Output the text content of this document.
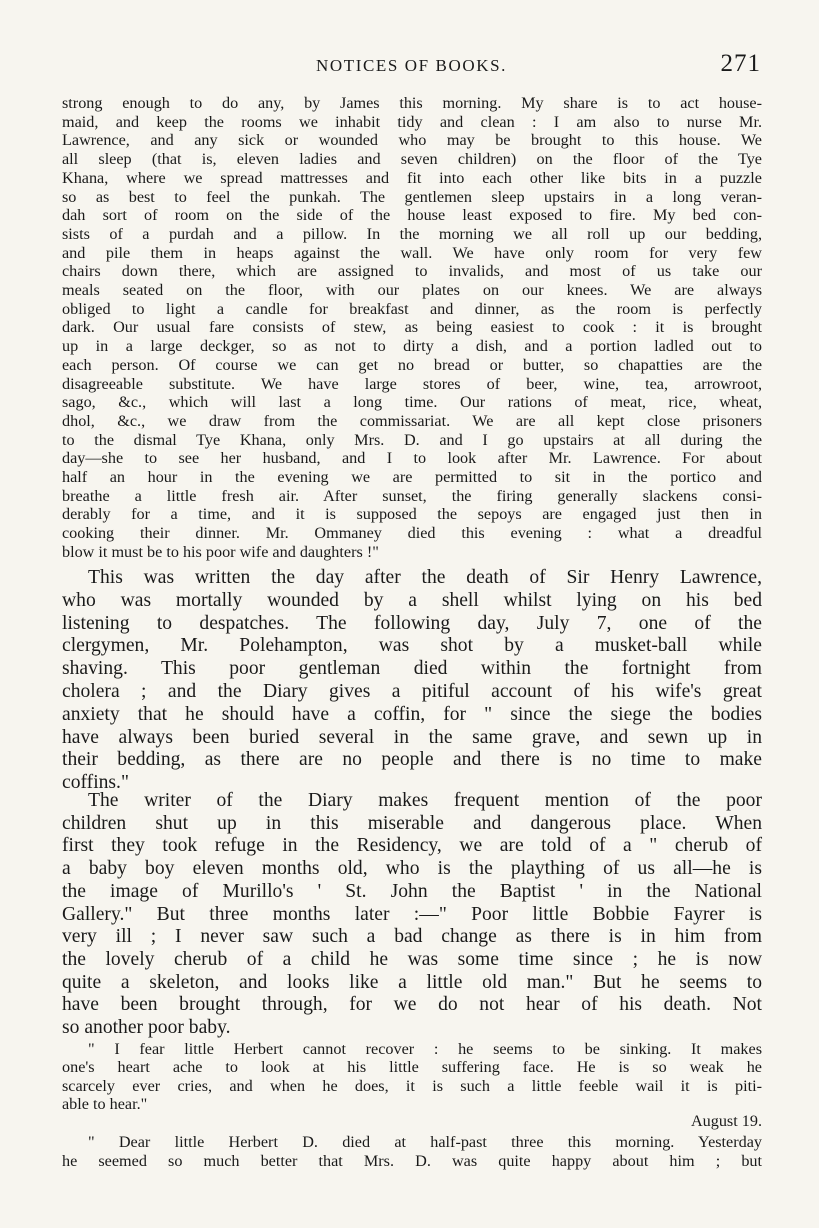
NOTICES OF BOOKS.	271
strong enough to do any, by James this morning. My share is to act house-
maid, and keep the rooms we inhabit tidy and clean : I am also to nurse Mr.
Lawrence, and any sick or wounded who may be brought to this house. We
all sleep (that is, eleven ladies and seven children) on the floor of the Tye
Khana, where we spread mattresses and fit into each other like bits in a puzzle
so as best to feel the punkah. The gentlemen sleep upstairs in a long veran-
dah sort of room on the side of the house least exposed to fire. My bed con-
sists of a purdah and a pillow. In the morning we all roll up our bedding,
and pile them in heaps against the wall. We have only room for very few
chairs down there, which are assigned to invalids, and most of us take our
meals seated on the floor, with our plates on our knees. We are always
obliged to light a candle for breakfast and dinner, as the room is perfectly
dark. Our usual fare consists of stew, as being easiest to cook : it is brought
up in a large deckger, so as not to dirty a dish, and a portion ladled out to
each person. Of course we can get no bread or butter, so chapatties are the
disagreeable substitute. We have large stores of beer, wine, tea, arrowroot,
sago, &c., which will last a long time. Our rations of meat, rice, wheat,
dhol, &c., we draw from the commissariat. We are all kept close prisoners
to the dismal Tye Khana, only Mrs. D. and I go upstairs at all during the
day—she to see her husband, and I to look after Mr. Lawrence. For about
half an hour in the evening we are permitted to sit in the portico and
breathe a little fresh air. After sunset, the firing generally slackens consi-
derably for a time, and it is supposed the sepoys are engaged just then in
cooking their dinner. Mr. Ommaney died this evening : what a dreadful
blow it must be to his poor wife and daughters !"
This was written the day after the death of Sir Henry Lawrence,
who was mortally wounded by a shell whilst lying on his bed
listening to despatches. The following day, July 7, one of the
clergymen, Mr. Polehampton, was shot by a musket-ball while
shaving. This poor gentleman died within the fortnight from
cholera ; and the Diary gives a pitiful account of his wife's great
anxiety that he should have a coffin, for " since the siege the bodies
have always been buried several in the same grave, and sewn up in
their bedding, as there are no people and there is no time to make
coffins."
The writer of the Diary makes frequent mention of the poor
children shut up in this miserable and dangerous place. When
first they took refuge in the Residency, we are told of a " cherub of
a baby boy eleven months old, who is the plaything of us all—he is
the image of Murillo's ' St. John the Baptist ' in the National
Gallery." But three months later :—" Poor little Bobbie Fayrer is
very ill ; I never saw such a bad change as there is in him from
the lovely cherub of a child he was some time since ; he is now
quite a skeleton, and looks like a little old man." But he seems to
have been brought through, for we do not hear of his death. Not
so another poor baby.
" I fear little Herbert cannot recover : he seems to be sinking. It makes
one's heart ache to look at his little suffering face. He is so weak he
scarcely ever cries, and when he does, it is such a little feeble wail it is piti-
able to hear."
August 19.
" Dear little Herbert D. died at half-past three this morning. Yesterday
he seemed so much better that Mrs. D. was quite happy about him ; but
